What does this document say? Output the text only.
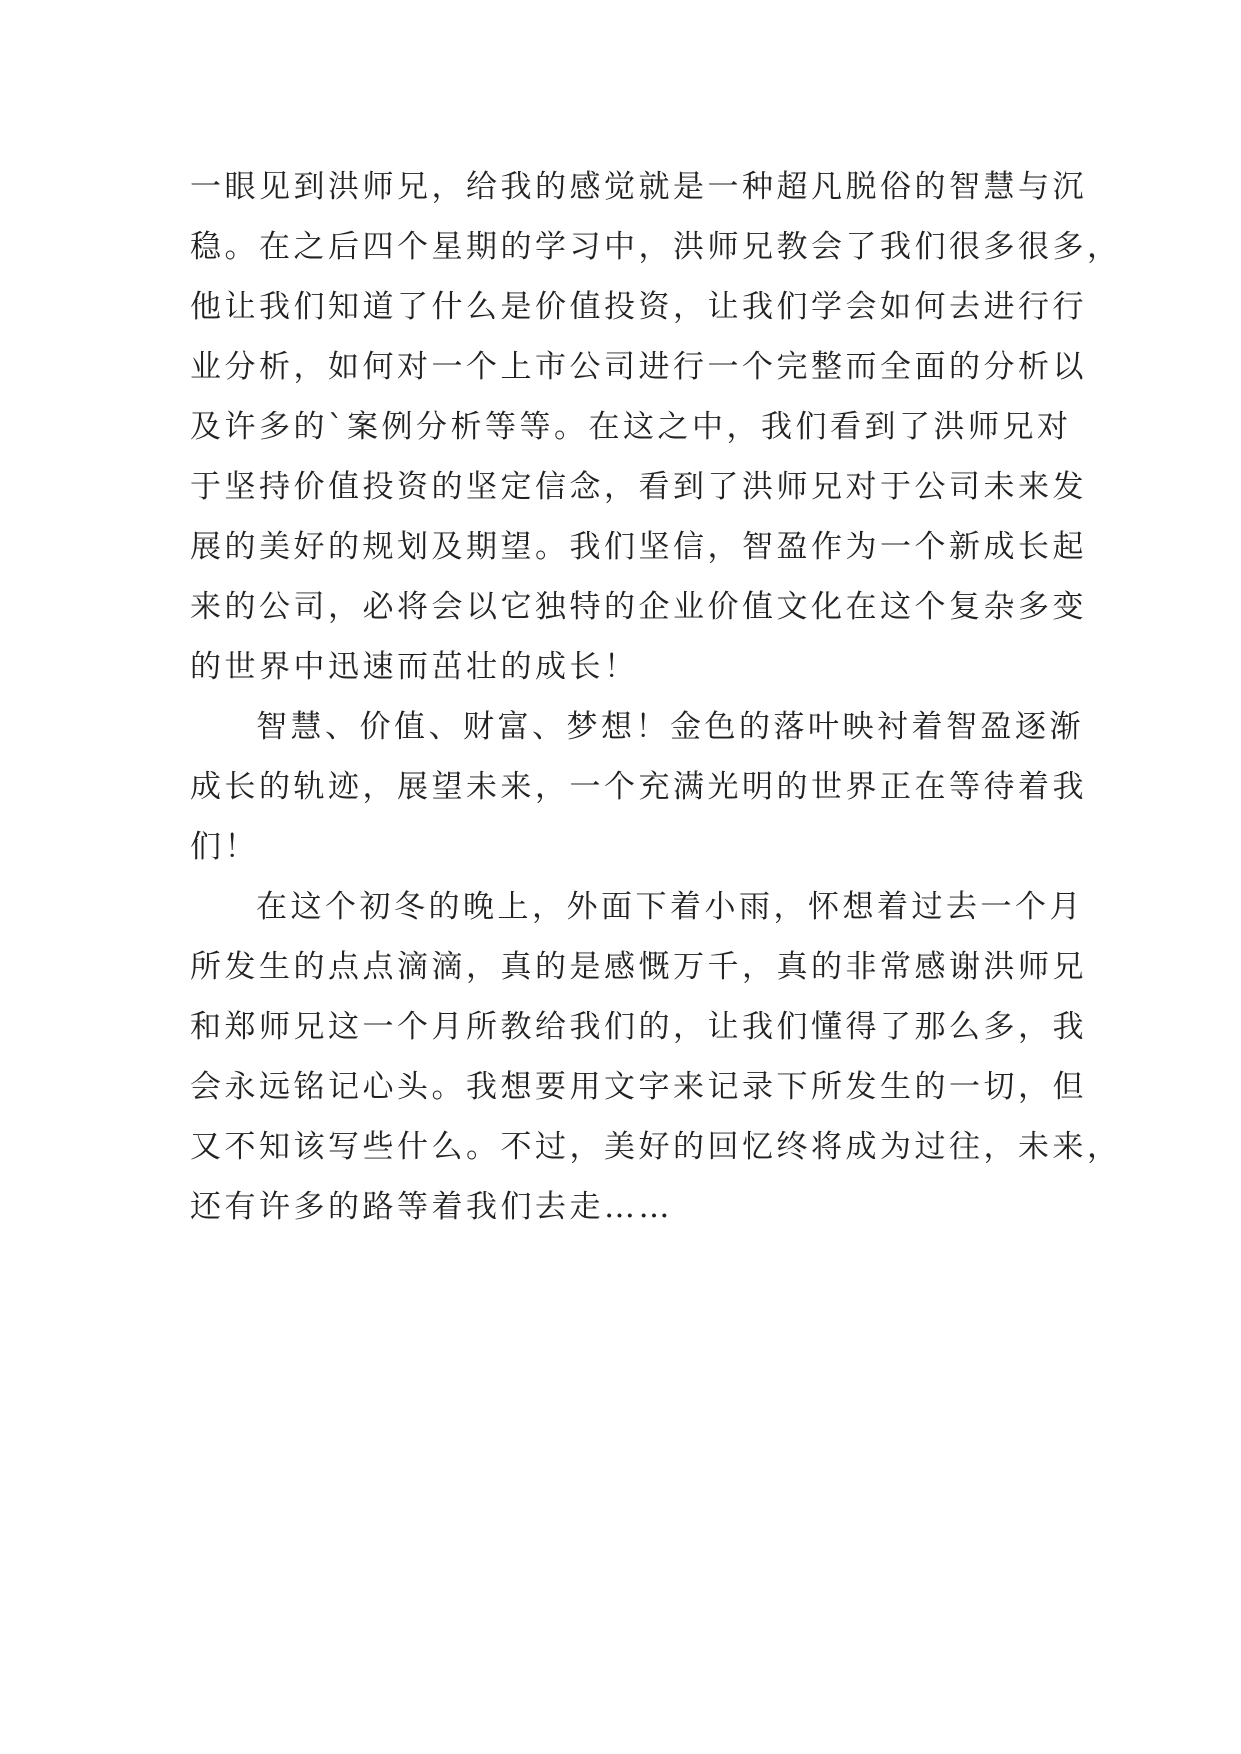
一眼见到洪师兄，给我的感觉就是一种超凡脱俗的智慧与沉
稳。在之后四个星期的学习中，洪师兄教会了我们很多很多，
他让我们知道了什么是价值投资，让我们学会如何去进行行
业分析，如何对一个上市公司进行一个完整而全面的分析以
及许多的`案例分析等等。在这之中，我们看到了洪师兄对
于坚持价值投资的坚定信念，看到了洪师兄对于公司未来发
展的美好的规划及期望。我们坚信，智盈作为一个新成长起
来的公司，必将会以它独特的企业价值文化在这个复杂多变
的世界中迅速而茁壮的成长！
智慧、价值、财富、梦想！金色的落叶映衬着智盈逐渐
成长的轨迹，展望未来，一个充满光明的世界正在等待着我
们！
在这个初冬的晚上，外面下着小雨，怀想着过去一个月
所发生的点点滴滴，真的是感慨万千，真的非常感谢洪师兄
和郑师兄这一个月所教给我们的，让我们懂得了那么多，我
会永远铭记心头。我想要用文字来记录下所发生的一切，但
又不知该写些什么。不过，美好的回忆终将成为过往，未来，
还有许多的路等着我们去走……
